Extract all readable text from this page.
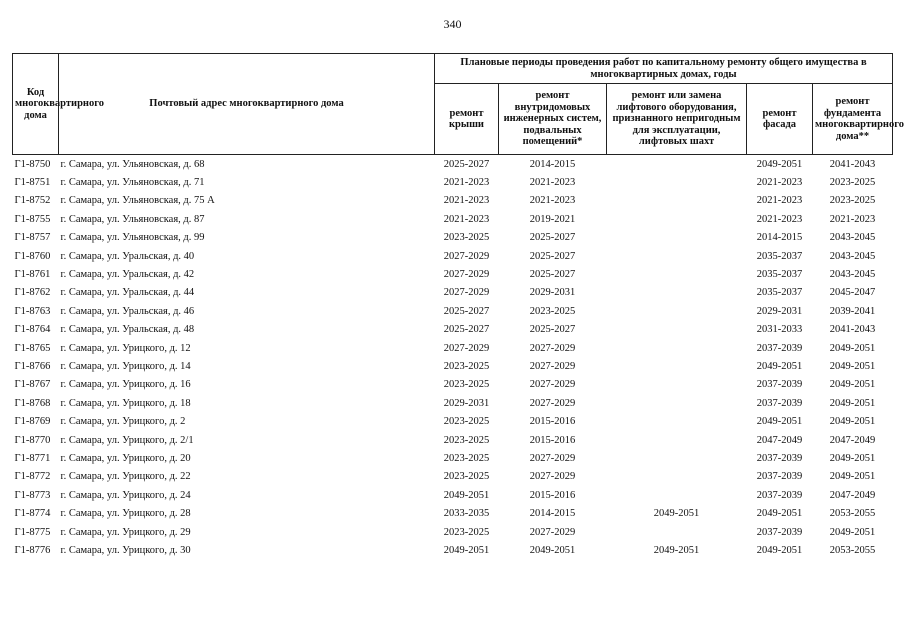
340
Код многоквартирного дома	Почтовый адрес многоквартирного дома	Плановые периоды проведения работ по капитальному ремонту общего имущества в многоквартирных домах, годы				
		ремонт крыши	ремонт внутридомовых инженерных систем, подвальных помещений*	ремонт или замена лифтового оборудования, признанного непригодным для эксплуатации, лифтовых шахт	ремонт фасада	ремонт фундамента многоквартирного дома**
Г1-8750	г. Самара, ул. Ульяновская, д. 68	2025-2027	2014-2015		2049-2051	2041-2043
Г1-8751	г. Самара, ул. Ульяновская, д. 71	2021-2023	2021-2023		2021-2023	2023-2025
Г1-8752	г. Самара, ул. Ульяновская, д. 75 А	2021-2023	2021-2023		2021-2023	2023-2025
Г1-8755	г. Самара, ул. Ульяновская, д. 87	2021-2023	2019-2021		2021-2023	2021-2023
Г1-8757	г. Самара, ул. Ульяновская, д. 99	2023-2025	2025-2027		2014-2015	2043-2045
Г1-8760	г. Самара, ул. Уральская, д. 40	2027-2029	2025-2027		2035-2037	2043-2045
Г1-8761	г. Самара, ул. Уральская, д. 42	2027-2029	2025-2027		2035-2037	2043-2045
Г1-8762	г. Самара, ул. Уральская, д. 44	2027-2029	2029-2031		2035-2037	2045-2047
Г1-8763	г. Самара, ул. Уральская, д. 46	2025-2027	2023-2025		2029-2031	2039-2041
Г1-8764	г. Самара, ул. Уральская, д. 48	2025-2027	2025-2027		2031-2033	2041-2043
Г1-8765	г. Самара, ул. Урицкого, д. 12	2027-2029	2027-2029		2037-2039	2049-2051
Г1-8766	г. Самара, ул. Урицкого, д. 14	2023-2025	2027-2029		2049-2051	2049-2051
Г1-8767	г. Самара, ул. Урицкого, д. 16	2023-2025	2027-2029		2037-2039	2049-2051
Г1-8768	г. Самара, ул. Урицкого, д. 18	2029-2031	2027-2029		2037-2039	2049-2051
Г1-8769	г. Самара, ул. Урицкого, д. 2	2023-2025	2015-2016		2049-2051	2049-2051
Г1-8770	г. Самара, ул. Урицкого, д. 2/1	2023-2025	2015-2016		2047-2049	2047-2049
Г1-8771	г. Самара, ул. Урицкого, д. 20	2023-2025	2027-2029		2037-2039	2049-2051
Г1-8772	г. Самара, ул. Урицкого, д. 22	2023-2025	2027-2029		2037-2039	2049-2051
Г1-8773	г. Самара, ул. Урицкого, д. 24	2049-2051	2015-2016		2037-2039	2047-2049
Г1-8774	г. Самара, ул. Урицкого, д. 28	2033-2035	2014-2015	2049-2051	2049-2051	2053-2055
Г1-8775	г. Самара, ул. Урицкого, д. 29	2023-2025	2027-2029		2037-2039	2049-2051
Г1-8776	г. Самара, ул. Урицкого, д. 30	2049-2051	2049-2051	2049-2051	2049-2051	2053-2055
